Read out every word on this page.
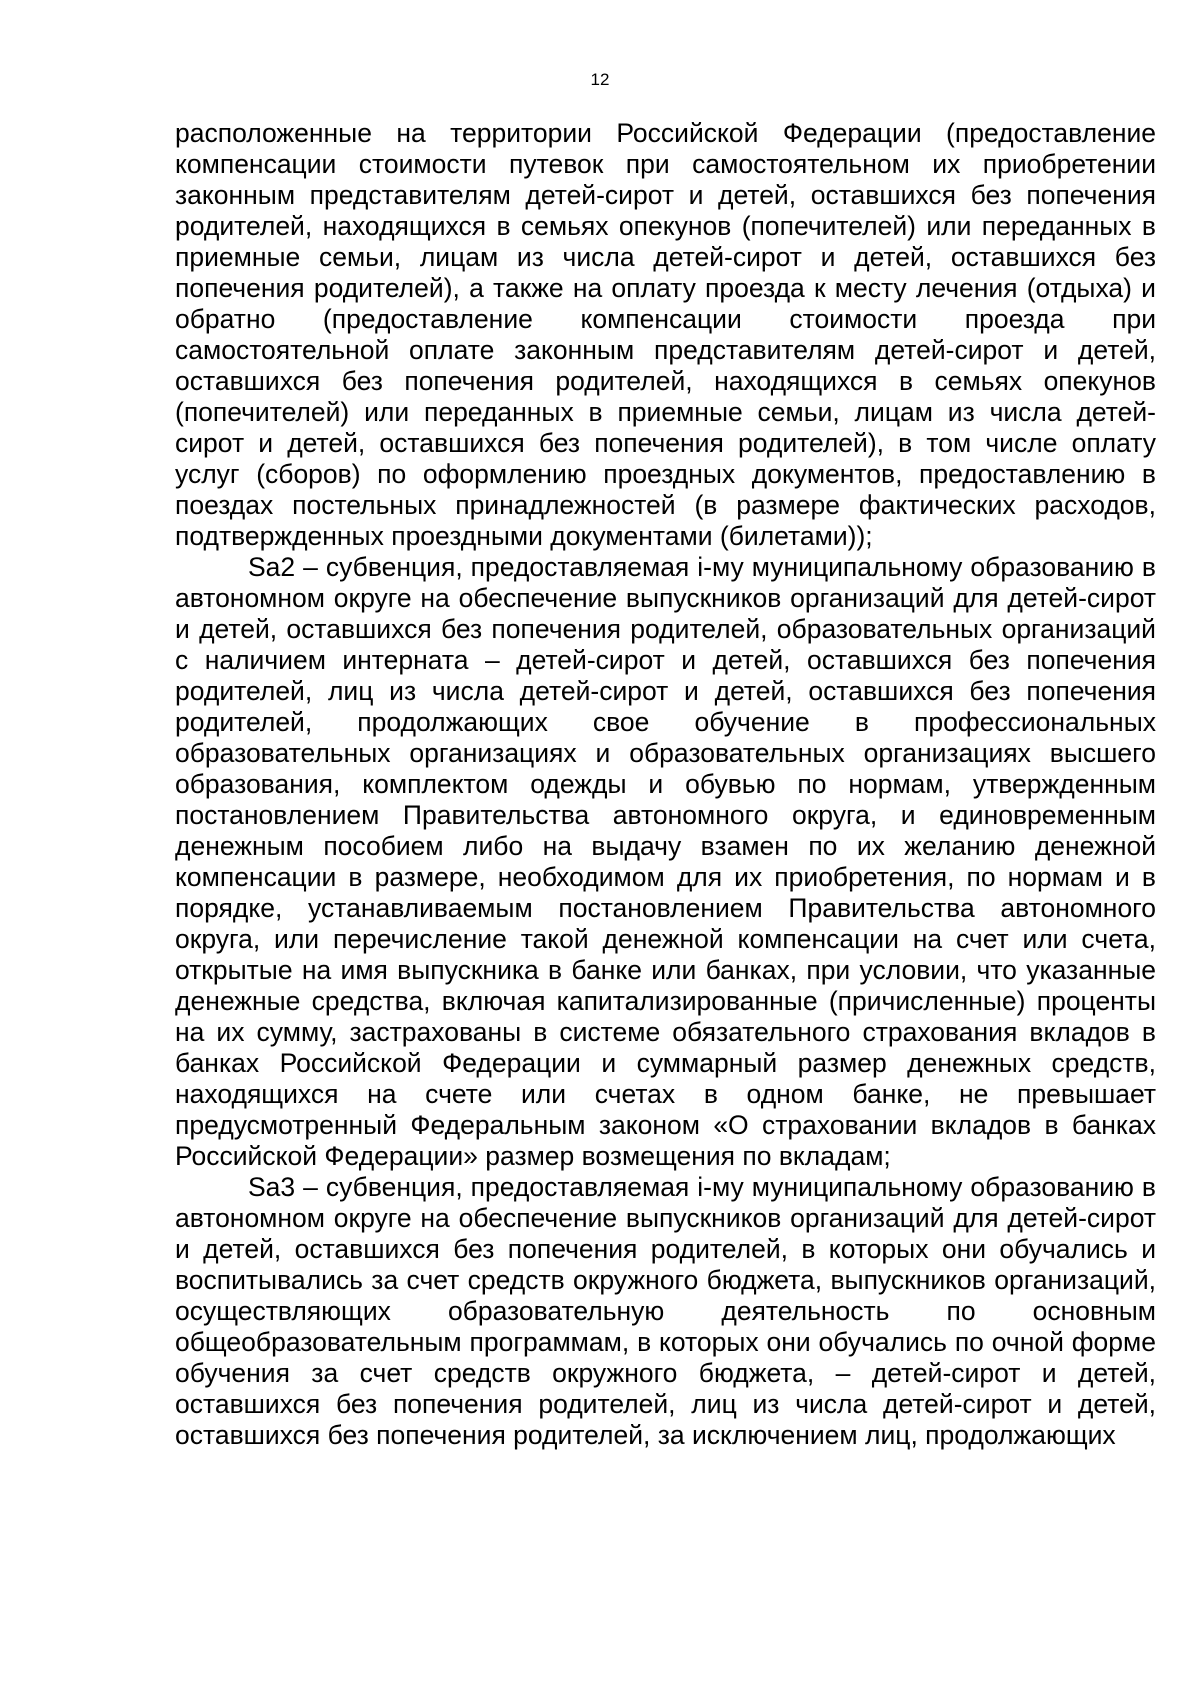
12

расположенные на территории Российской Федерации (предоставление компенсации стоимости путевок при самостоятельном их приобретении законным представителям детей-сирот и детей, оставшихся без попечения родителей, находящихся в семьях опекунов (попечителей) или переданных в приемные семьи, лицам из числа детей-сирот и детей, оставшихся без попечения родителей), а также на оплату проезда к месту лечения (отдыха) и обратно (предоставление компенсации стоимости проезда при самостоятельной оплате законным представителям детей-сирот и детей, оставшихся без попечения родителей, находящихся в семьях опекунов (попечителей) или переданных в приемные семьи, лицам из числа детей-сирот и детей, оставшихся без попечения родителей), в том числе оплату услуг (сборов) по оформлению проездных документов, предоставлению в поездах постельных принадлежностей (в размере фактических расходов, подтвержденных проездными документами (билетами));

Sa2 – субвенция, предоставляемая i-му муниципальному образованию в автономном округе на обеспечение выпускников организаций для детей-сирот и детей, оставшихся без попечения родителей, образовательных организаций с наличием интерната – детей-сирот и детей, оставшихся без попечения родителей, лиц из числа детей-сирот и детей, оставшихся без попечения родителей, продолжающих свое обучение в профессиональных образовательных организациях и образовательных организациях высшего образования, комплектом одежды и обувью по нормам, утвержденным постановлением Правительства автономного округа, и единовременным денежным пособием либо на выдачу взамен по их желанию денежной компенсации в размере, необходимом для их приобретения, по нормам и в порядке, устанавливаемым постановлением Правительства автономного округа, или перечисление такой денежной компенсации на счет или счета, открытые на имя выпускника в банке или банках, при условии, что указанные денежные средства, включая капитализированные (причисленные) проценты на их сумму, застрахованы в системе обязательного страхования вкладов в банках Российской Федерации и суммарный размер денежных средств, находящихся на счете или счетах в одном банке, не превышает предусмотренный Федеральным законом «О страховании вкладов в банках Российской Федерации» размер возмещения по вкладам;

Sa3 – субвенция, предоставляемая i-му муниципальному образованию в автономном округе на обеспечение выпускников организаций для детей-сирот и детей, оставшихся без попечения родителей, в которых они обучались и воспитывались за счет средств окружного бюджета, выпускников организаций, осуществляющих образовательную деятельность по основным общеобразовательным программам, в которых они обучались по очной форме обучения за счет средств окружного бюджета, – детей-сирот и детей, оставшихся без попечения родителей, лиц из числа детей-сирот и детей, оставшихся без попечения родителей, за исключением лиц, продолжающих
